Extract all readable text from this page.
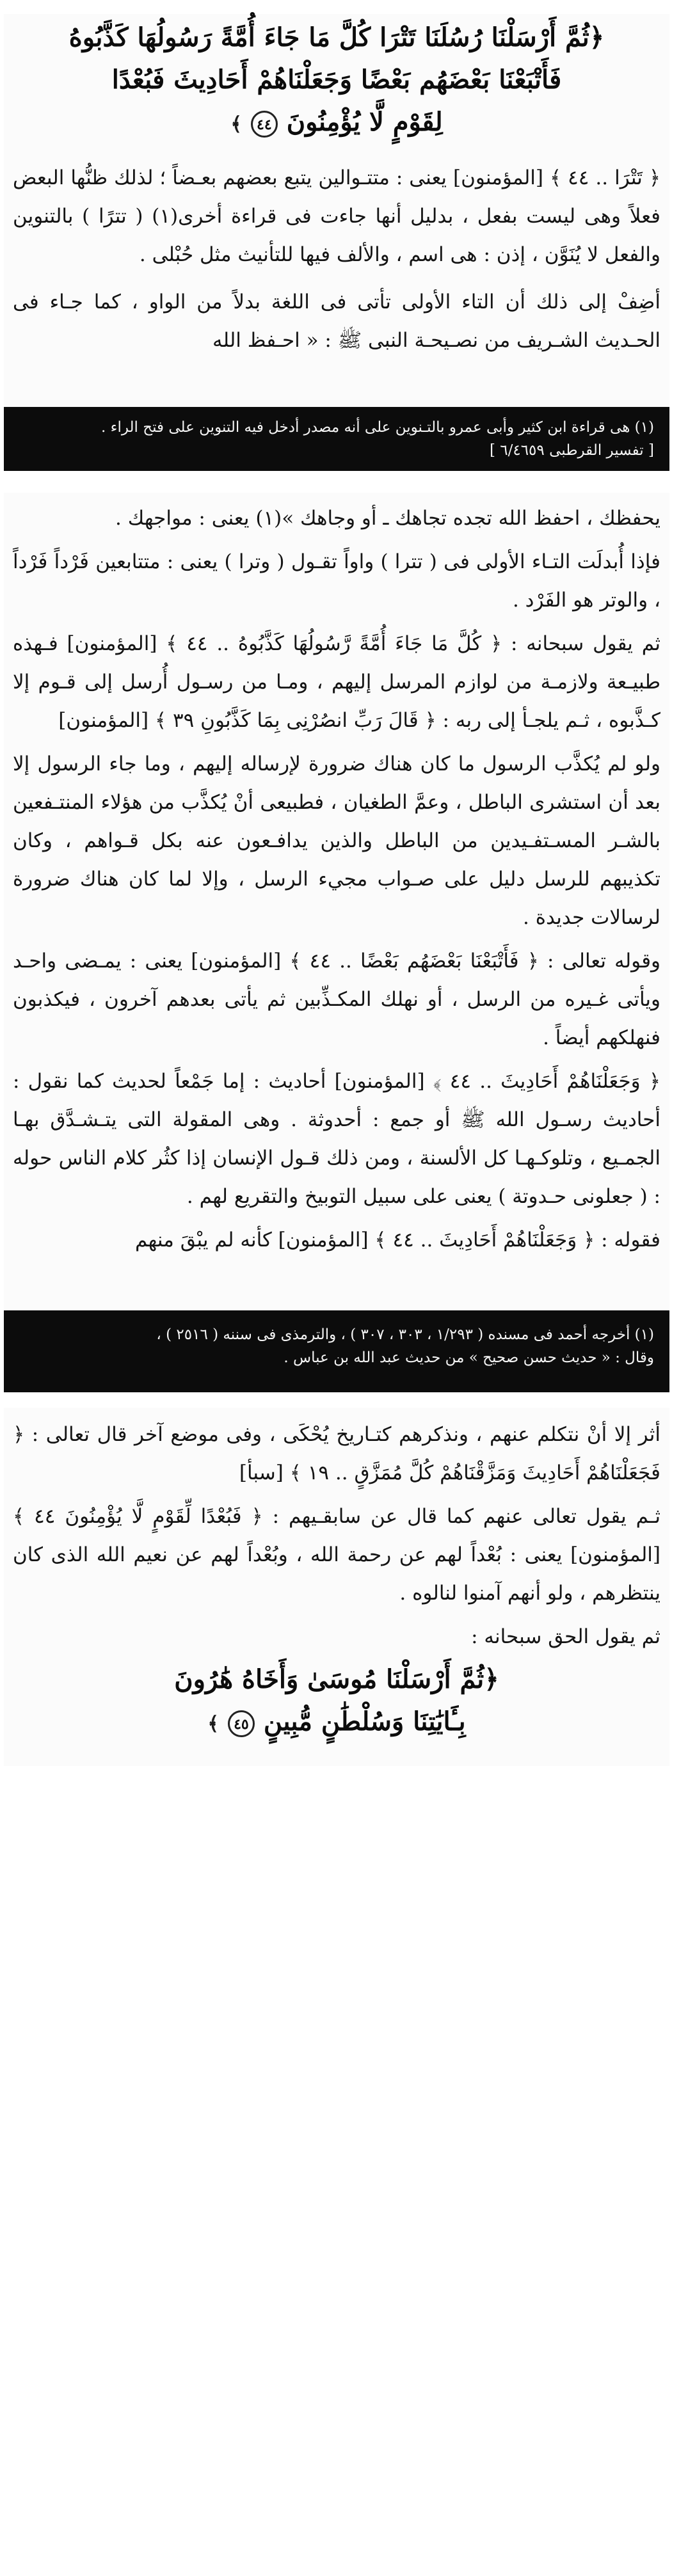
﴿ثُمَّ أَرْسَلْنَا رُسُلَنَا تَتْرَا كُلَّ مَا جَاءَ أُمَّةً رَسُولُهَا كَذَّبُوهُ
فَأَتْبَعْنَا بَعْضَهُم بَعْضًا وَجَعَلْنَاهُمْ أَحَادِيثَ فَبُعْدًا
لِقَوْمٍ لَّا يُؤْمِنُونَ ٤٤ ﴾

﴿ تَتْرَا .. ٤٤ ﴾ [المؤمنون] يعنى : متتـوالين يتبع بعضهم بعـضاً ؛ لذلك ظنُّها البعض فعلاً وهى ليست بفعل ، بدليل أنها جاءت فى قراءة أخرى(١) ( تترًا ) بالتنوين والفعل لا يُنَوَّن ، إذن : هى اسم ، والألف فيها للتأنيث مثل حُبْلى .

أضِفْ إلى ذلك أن التاء الأولى تأتى فى اللغة بدلاً من الواو ، كما جـاء فى الحـديث الشـريف من نصـيحـة النبى ﷺ : « احـفظ الله

(١) هى قراءة ابن كثير وأبى عمرو بالتـنوين على أنه مصدر أدخل فيه التنوين على فتح الراء .
[ تفسير القرطبى ٦/٤٦٥٩ ]

يحفظك ، احفظ الله تجده تجاهك ـ أو وجاهك »(١) يعنى : مواجهك .

فإذا أُبدلَت التـاء الأولى فى ( تترا ) واواً تقـول ( وترا ) يعنى : متتابعين فَرْداً فَرْداً ، والوتر هو الفَرْد .

ثم يقول سبحانه : ﴿ كُلَّ مَا جَاءَ أُمَّةً رَّسُولُهَا كَذَّبُوهُ .. ٤٤ ﴾ [المؤمنون] فـهذه طبيـعة ولازمـة من لوازم المرسل إليهم ، ومـا من رسـول أُرسل إلى قـوم إلا كـذَّبوه ، ثـم يلجـأ إلى ربه : ﴿ قَالَ رَبِّ انصُرْنِى بِمَا كَذَّبُونِ ٣٩ ﴾ [المؤمنون]

ولو لم يُكذَّب الرسول ما كان هناك ضرورة لإرساله إليهم ، وما جاء الرسول إلا بعد أن استشرى الباطل ، وعمَّ الطغيان ، فطبيعى أنْ يُكذَّب من هؤلاء المنتـفعين بالشـر المسـتفـيدين من الباطل والذين يدافـعون عنه بكل قـواهم ، وكان تكذيبهم للرسل دليل على صـواب مجيء الرسل ، وإلا لما كان هناك ضرورة لرسالات جديدة .

وقوله تعالى : ﴿ فَأَتْبَعْنَا بَعْضَهُم بَعْضًا .. ٤٤ ﴾ [المؤمنون] يعنى : يمـضى واحـد ويأتى غـيره من الرسل ، أو نهلك المكـذِّبين ثم يأتى بعدهم آخرون ، فيكذبون فنهلكهم أيضاً .

﴿ وَجَعَلْنَاهُمْ أَحَادِيثَ .. ٤٤ ﴾ [المؤمنون] أحاديث : إما جَمْعاً لحديث كما نقول : أحاديث رسـول الله ﷺ أو جمع : أحدوثة . وهى المقولة التى يتـشـدَّق بهـا الجمـيع ، وتلوكـهـا كل الألسنة ، ومن ذلك قـول الإنسان إذا كثُر كلام الناس حوله : ( جعلونى حـدوتة ) يعنى على سبيل التوبيخ والتقريع لهم .

فقوله : ﴿ وَجَعَلْنَاهُمْ أَحَادِيثَ .. ٤٤ ﴾ [المؤمنون] كأنه لم يبْقَ منهم

(١) أخرجه أحمد فى مسنده ( ١/٢٩٣ ، ٣٠٣ ، ٣٠٧ ) ، والترمذى فى سننه ( ٢٥١٦ ) ،
وقال : « حديث حسن صحيح » من حديث عبد الله بن عباس .

أثر إلا أنْ نتكلم عنهم ، ونذكرهم كتـاريخ يُحْكَى ، وفى موضع آخر قال تعالى : ﴿ فَجَعَلْنَاهُمْ أَحَادِيثَ وَمَزَّقْنَاهُمْ كُلَّ مُمَزَّقٍ .. ١٩ ﴾ [سبأ]

ثـم يقول تعالى عنهم كما قال عن سابقـيهم : ﴿ فَبُعْدًا لِّقَوْمٍ لَّا يُؤْمِنُونَ ٤٤ ﴾ [المؤمنون] يعنى : بُعْداً لهم عن رحمة الله ، وبُعْداً لهم عن نعيم الله الذى كان ينتظرهم ، ولو أنهم آمنوا لنالوه .

ثم يقول الحق سبحانه :

﴿ثُمَّ أَرْسَلْنَا مُوسَىٰ وَأَخَاهُ هَٰرُونَ
بِـَٔايَٰتِنَا وَسُلْطَٰنٍ مُّبِينٍ ٤٥ ﴾
